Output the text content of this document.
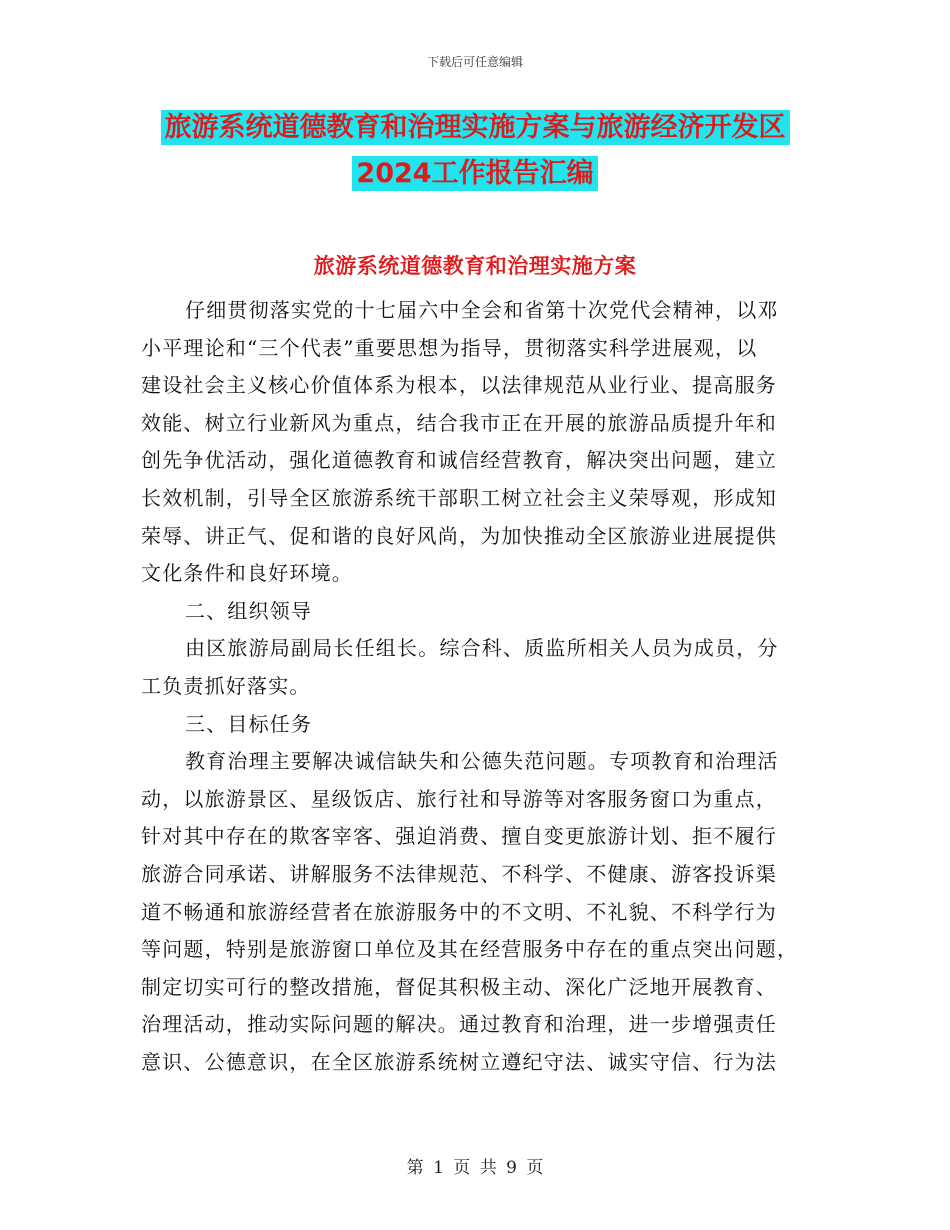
下载后可任意编辑
旅游系统道德教育和治理实施方案与旅游经济开发区
2024工作报告汇编
旅游系统道德教育和治理实施方案
仔细贯彻落实党的十七届六中全会和省第十次党代会精神，以邓
小平理论和“三个代表”重要思想为指导，贯彻落实科学进展观，以
建设社会主义核心价值体系为根本，以法律规范从业行业、提高服务
效能、树立行业新风为重点，结合我市正在开展的旅游品质提升年和
创先争优活动，强化道德教育和诚信经营教育，解决突出问题，建立
长效机制，引导全区旅游系统干部职工树立社会主义荣辱观，形成知
荣辱、讲正气、促和谐的良好风尚，为加快推动全区旅游业进展提供
文化条件和良好环境。
二、组织领导
由区旅游局副局长任组长。综合科、质监所相关人员为成员，分
工负责抓好落实。
三、目标任务
教育治理主要解决诚信缺失和公德失范问题。专项教育和治理活
动，以旅游景区、星级饭店、旅行社和导游等对客服务窗口为重点，
针对其中存在的欺客宰客、强迫消费、擅自变更旅游计划、拒不履行
旅游合同承诺、讲解服务不法律规范、不科学、不健康、游客投诉渠
道不畅通和旅游经营者在旅游服务中的不文明、不礼貌、不科学行为
等问题，特别是旅游窗口单位及其在经营服务中存在的重点突出问题，
制定切实可行的整改措施，督促其积极主动、深化广泛地开展教育、
治理活动，推动实际问题的解决。通过教育和治理，进一步增强责任
意识、公德意识，在全区旅游系统树立遵纪守法、诚实守信、行为法
第 1 页 共 9 页
